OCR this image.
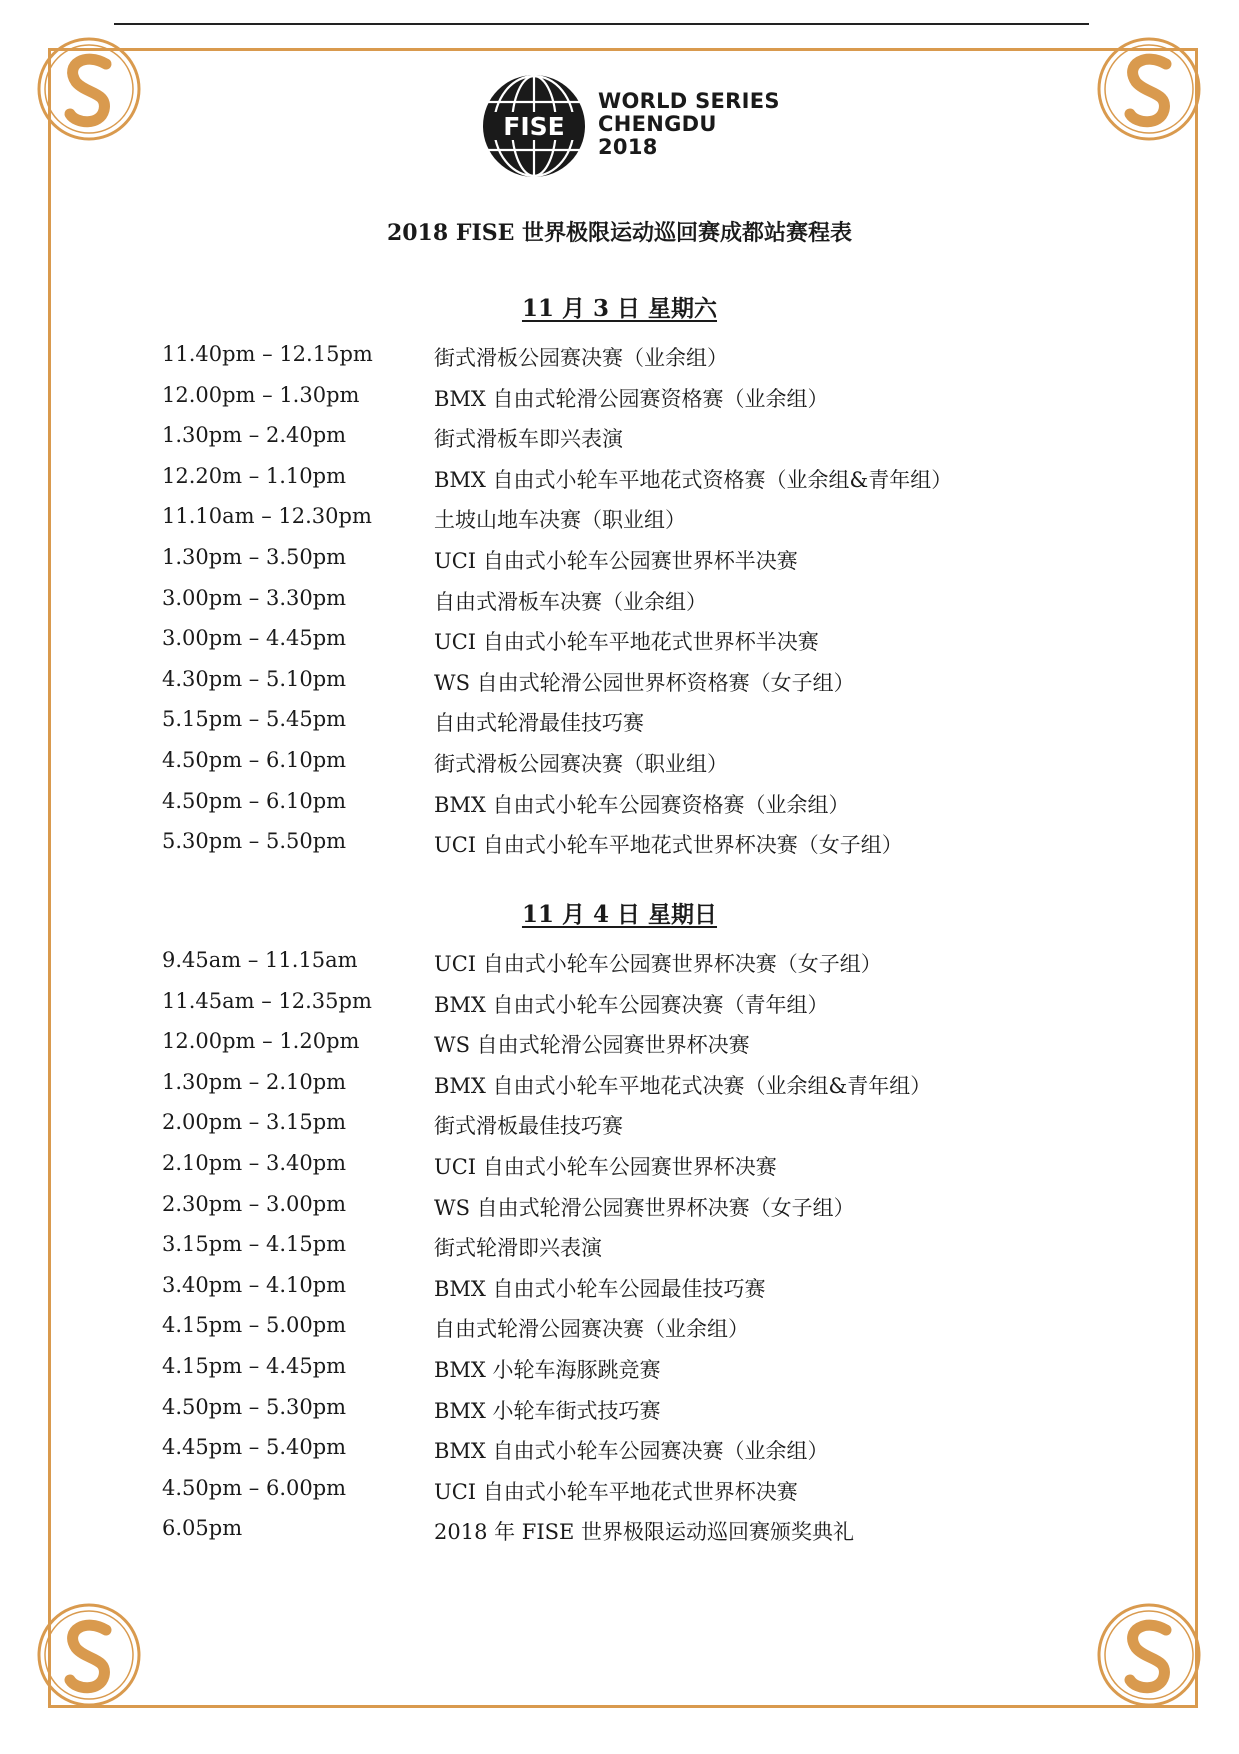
FISE
WORLD SERIES
CHENGDU
2018
2018 FISE 世界极限运动巡回赛成都站赛程表
11 月 3 日 星期六
11.40pm – 12.15pm	街式滑板公园赛决赛（业余组）
12.00pm – 1.30pm	BMX 自由式轮滑公园赛资格赛（业余组）
1.30pm – 2.40pm	街式滑板车即兴表演
12.20m – 1.10pm	BMX 自由式小轮车平地花式资格赛（业余组&青年组）
11.10am – 12.30pm	土坡山地车决赛（职业组）
1.30pm – 3.50pm	UCI 自由式小轮车公园赛世界杯半决赛
3.00pm – 3.30pm	自由式滑板车决赛（业余组）
3.00pm – 4.45pm	UCI 自由式小轮车平地花式世界杯半决赛
4.30pm – 5.10pm	WS 自由式轮滑公园世界杯资格赛（女子组）
5.15pm – 5.45pm	自由式轮滑最佳技巧赛
4.50pm – 6.10pm	街式滑板公园赛决赛（职业组）
4.50pm – 6.10pm	BMX 自由式小轮车公园赛资格赛（业余组）
5.30pm – 5.50pm	UCI 自由式小轮车平地花式世界杯决赛（女子组）
11 月 4 日 星期日
9.45am – 11.15am	UCI 自由式小轮车公园赛世界杯决赛（女子组）
11.45am – 12.35pm	BMX 自由式小轮车公园赛决赛（青年组）
12.00pm – 1.20pm	WS 自由式轮滑公园赛世界杯决赛
1.30pm – 2.10pm	BMX 自由式小轮车平地花式决赛（业余组&青年组）
2.00pm – 3.15pm	街式滑板最佳技巧赛
2.10pm – 3.40pm	UCI 自由式小轮车公园赛世界杯决赛
2.30pm – 3.00pm	WS 自由式轮滑公园赛世界杯决赛（女子组）
3.15pm – 4.15pm	街式轮滑即兴表演
3.40pm – 4.10pm	BMX 自由式小轮车公园最佳技巧赛
4.15pm – 5.00pm	自由式轮滑公园赛决赛（业余组）
4.15pm – 4.45pm	BMX 小轮车海豚跳竞赛
4.50pm – 5.30pm	BMX 小轮车街式技巧赛
4.45pm – 5.40pm	BMX 自由式小轮车公园赛决赛（业余组）
4.50pm – 6.00pm	UCI 自由式小轮车平地花式世界杯决赛
6.05pm	2018 年 FISE 世界极限运动巡回赛颁奖典礼
